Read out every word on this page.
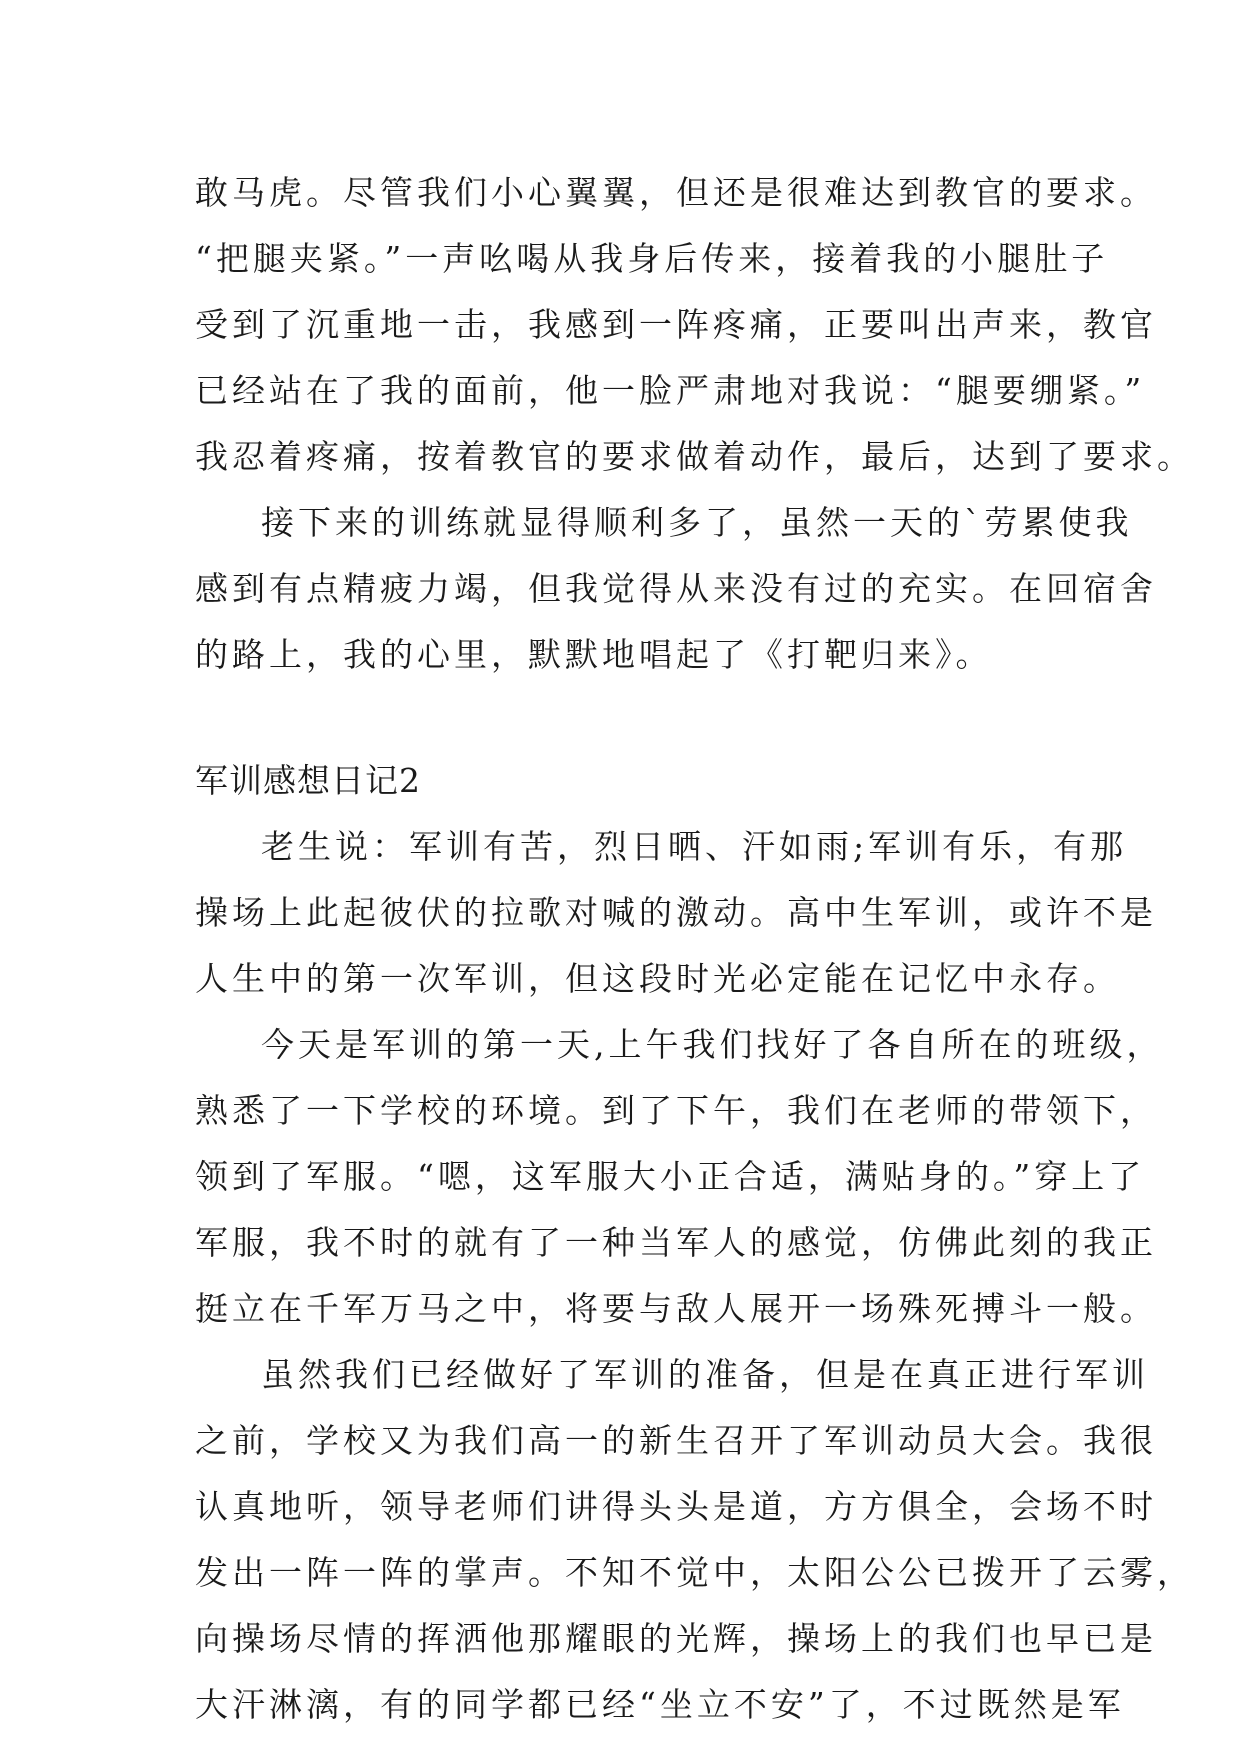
敢马虎。尽管我们小心翼翼，但还是很难达到教官的要求。
“把腿夹紧。”一声吆喝从我身后传来，接着我的小腿肚子
受到了沉重地一击，我感到一阵疼痛，正要叫出声来，教官
已经站在了我的面前，他一脸严肃地对我说：“腿要绷紧。”
我忍着疼痛，按着教官的要求做着动作，最后，达到了要求。
接下来的训练就显得顺利多了，虽然一天的`劳累使我
感到有点精疲力竭，但我觉得从来没有过的充实。在回宿舍
的路上，我的心里，默默地唱起了《打靶归来》。
军训感想日记2
老生说：军训有苦，烈日晒、汗如雨;军训有乐，有那
操场上此起彼伏的拉歌对喊的激动。高中生军训，或许不是
人生中的第一次军训，但这段时光必定能在记忆中永存。
今天是军训的第一天,上午我们找好了各自所在的班级，
熟悉了一下学校的环境。到了下午，我们在老师的带领下，
领到了军服。“嗯，这军服大小正合适，满贴身的。”穿上了
军服，我不时的就有了一种当军人的感觉，仿佛此刻的我正
挺立在千军万马之中，将要与敌人展开一场殊死搏斗一般。
虽然我们已经做好了军训的准备，但是在真正进行军训
之前，学校又为我们高一的新生召开了军训动员大会。我很
认真地听，领导老师们讲得头头是道，方方俱全，会场不时
发出一阵一阵的掌声。不知不觉中，太阳公公已拨开了云雾，
向操场尽情的挥洒他那耀眼的光辉，操场上的我们也早已是
大汗淋漓，有的同学都已经“坐立不安”了，不过既然是军
